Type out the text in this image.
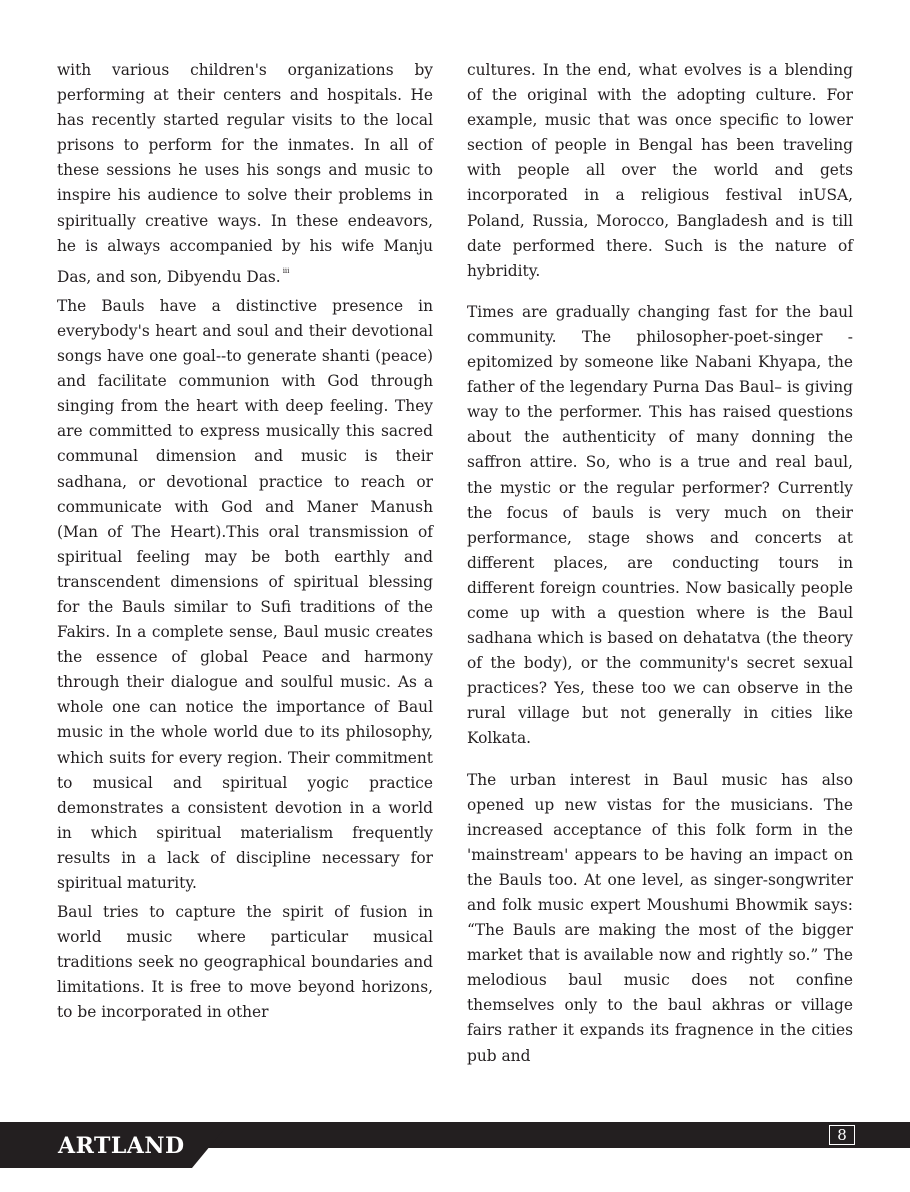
with various children's organizations by performing at their centers and hospitals. He has recently started regular visits to the local prisons to perform for the inmates. In all of these sessions he uses his songs and music to inspire his audience to solve their problems in spiritually creative ways. In these endeavors, he is always accompanied by his wife Manju Das, and son, Dibyendu Das. $^{iii}$

The Bauls have a distinctive presence in everybody's heart and soul and their devotional songs have one goal--to generate shanti (peace) and facilitate communion with God through singing from the heart with deep feeling. They are committed to express musically this sacred communal dimension and music is their sadhana, or devotional practice to reach or communicate with God and Maner Manush (Man of The Heart).This oral transmission of spiritual feeling may be both earthly and transcendent dimensions of spiritual blessing for the Bauls similar to Sufi traditions of the Fakirs. In a complete sense, Baul music creates the essence of global Peace and harmony through their dialogue and soulful music. As a whole one can notice the importance of Baul music in the whole world due to its philosophy, which suits for every region. Their commitment to musical and spiritual yogic practice demonstrates a consistent devotion in a world in which spiritual materialism frequently results in a lack of discipline necessary for spiritual maturity.

Baul tries to capture the spirit of fusion in world music where particular musical traditions seek no geographical boundaries and limitations. It is free to move beyond horizons, to be incorporated in other

cultures. In the end, what evolves is a blending of the original with the adopting culture. For example, music that was once specific to lower section of people in Bengal has been traveling with people all over the world and gets incorporated in a religious festival inUSA, Poland, Russia, Morocco, Bangladesh and is till date performed there. Such is the nature of hybridity.

Times are gradually changing fast for the baul community. The philosopher-poet-singer -epitomized by someone like Nabani Khyapa, the father of the legendary Purna Das Baul– is giving way to the performer. This has raised questions about the authenticity of many donning the saffron attire. So, who is a true and real baul, the mystic or the regular performer? Currently the focus of bauls is very much on their performance, stage shows and concerts at different places, are conducting tours in different foreign countries. Now basically people come up with a question where is the Baul sadhana which is based on dehatatva (the theory of the body), or the community's secret sexual practices? Yes, these too we can observe in the rural village but not generally in cities like Kolkata.

The urban interest in Baul music has also opened up new vistas for the musicians. The increased acceptance of this folk form in the 'mainstream' appears to be having an impact on the Bauls too. At one level, as singer-songwriter and folk music expert Moushumi Bhowmik says: “The Bauls are making the most of the bigger market that is available now and rightly so.” The melodious baul music does not confine themselves only to the baul akhras or village fairs rather it expands its fragnence in the cities pub and

ARTLAND	8
